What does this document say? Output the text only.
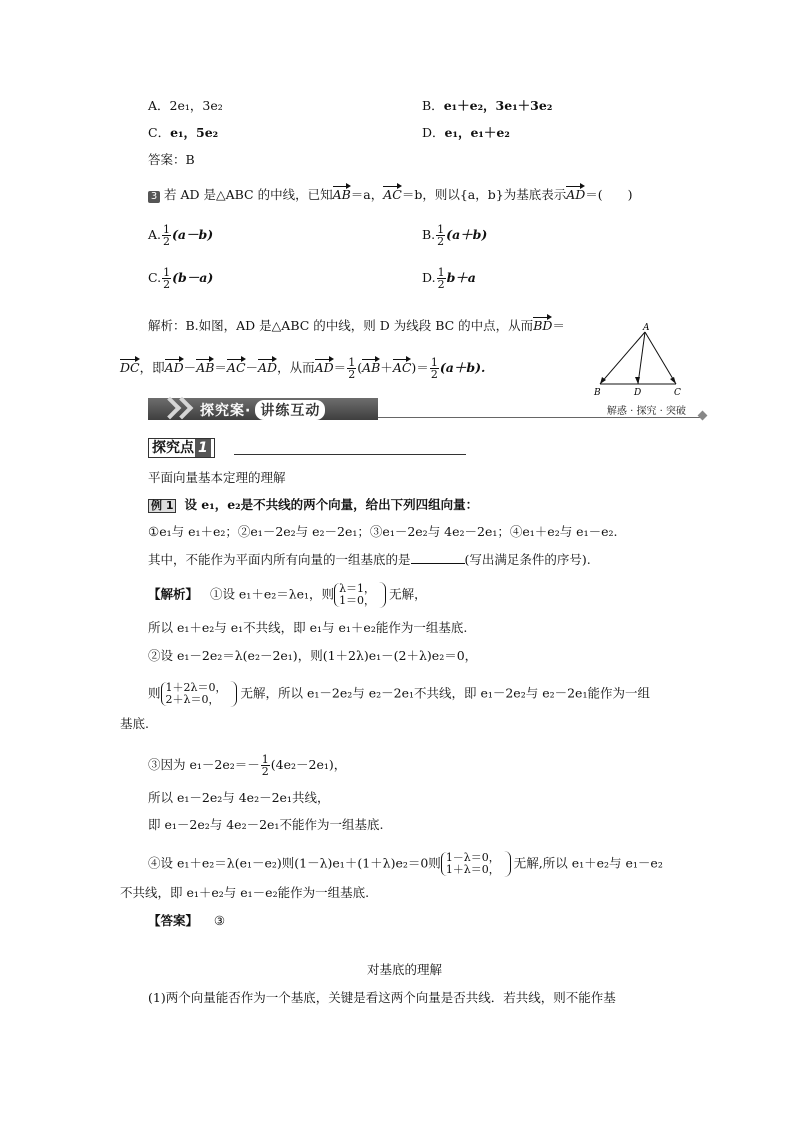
A．2e₁，3e₂	B．e₁＋e₂，3e₁＋3e₂
C．e₁，5e₂	D．e₁，e₁＋e₂
答案：B
3 若 AD 是△ABC 的中线，已知AB＝a，AC＝b，则以{a，b}为基底表示AD＝(　　)
A. $\frac{1}{2} (a-b)$	B. $\frac{1}{2} (a+b)$
C. $\frac{1}{2} (b-a)$	D. $\frac{1}{2} b+a$
解析：B.如图，AD 是△ABC 的中线，则 D 为线段 BC 的中点，从而BD＝
DC，即AD－AB＝AC－AD，从而$AD= \frac{1}{2} (AB+AC)= \frac{1}{2} (a+b)$.
A
B	D	C
探究案· 讲练互动	解惑 · 探究 · 突破
探究点 1
平面向量基本定理的理解
例 1 设 e₁，e₂是不共线的两个向量，给出下列四组向量：
①e₁与 e₁＋e₂；②e₁－2e₂与 e₂－2e₁；③e₁－2e₂与 4e₂－2e₁；④e₁＋e₂与 e₁－e₂.
其中，不能作为平面内所有向量的一组基底的是	(写出满足条件的序号).
【解析】 ①设 e₁＋e₂＝λe₁，则 λ＝1，
1＝0， 无解，
所以 e₁＋e₂与 e₁不共线，即 e₁与 e₁＋e₂能作为一组基底.
②设 e₁－2e₂＝λ(e₂－2e₁)，则(1＋2λ)e₁－(2＋λ)e₂＝0，
则 1＋2λ＝0，
2＋λ＝0，	无解，所以 e₁－2e₂与 e₂－2e₁不共线，即 e₁－2e₂与 e₂－2e₁能作为一组
基底.
③因为 $e_1-2e_2=- \frac{1}{2} (4e_2-2e_1)$，
所以 e₁－2e₂与 4e₂－2e₁共线，
即 e₁－2e₂与 4e₂－2e₁不能作为一组基底.
④设 e₁＋e₂＝λ(e₁－e₂)则(1－λ)e₁＋(1＋λ)e₂＝0则 1－λ＝0，
1＋λ＝0， 无解,所以 e₁＋e₂与 e₁－e₂
不共线，即 e₁＋e₂与 e₁－e₂能作为一组基底.
【答案】 ③
对基底的理解
(1)两个向量能否作为一个基底，关键是看这两个向量是否共线．若共线，则不能作基
